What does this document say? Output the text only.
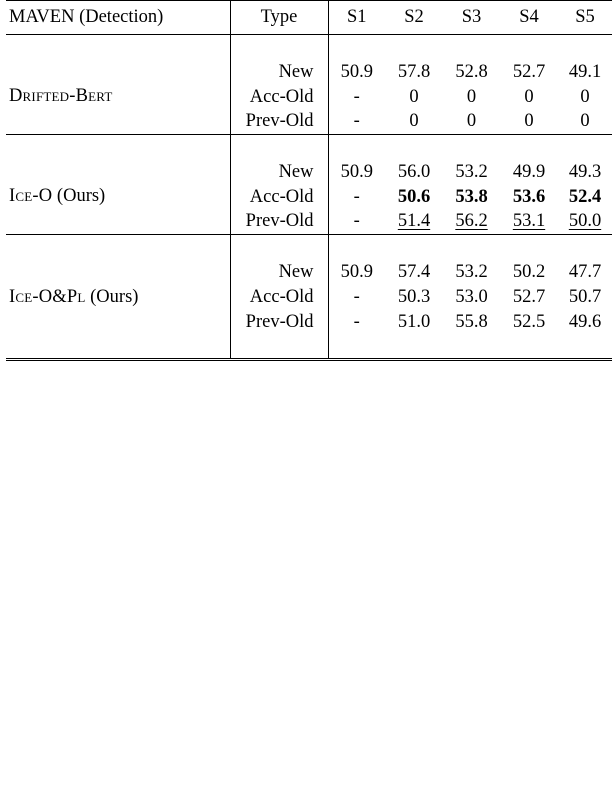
MAVEN (Detection)	Type	S1	S2	S3	S4	S5

Drifted-Bert	New	50.9	57.8	52.8	52.7	49.1
	Acc-Old	-	0	0	0	0
	Prev-Old	-	0	0	0	0

Ice-O (Ours)	New	50.9	56.0	53.2	49.9	49.3
	Acc-Old	-	50.6	53.8	53.6	52.4
	Prev-Old	-	51.4	56.2	53.1	50.0

Ice-O&Pl (Ours)	New	50.9	57.4	53.2	50.2	47.7
	Acc-Old	-	50.3	53.0	52.7	50.7
	Prev-Old	-	51.0	55.8	52.5	49.6
